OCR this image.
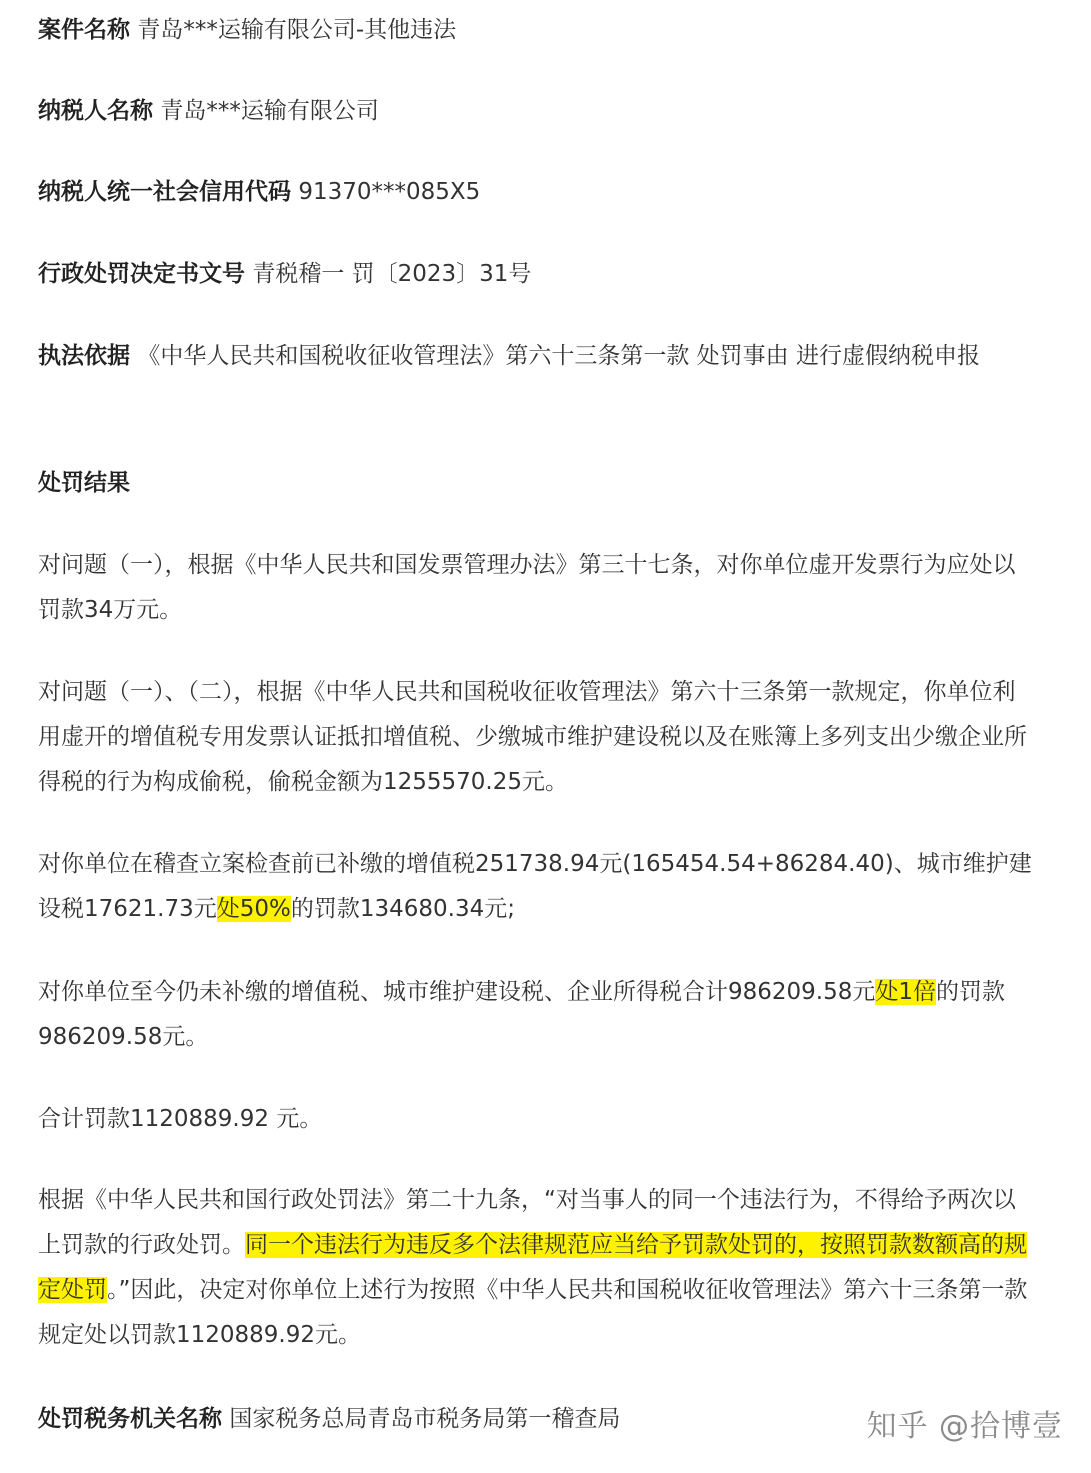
案件名称 青岛***运输有限公司-其他违法

纳税人名称 青岛***运输有限公司

纳税人统一社会信用代码 91370***085X5

行政处罚决定书文号 青税稽一 罚〔2023〕31号

执法依据 《中华人民共和国税收征收管理法》第六十三条第一款 处罚事由 进行虚假纳税申报

处罚结果

对问题（一），根据《中华人民共和国发票管理办法》第三十七条，对你单位虚开发票行为应处以罚款34万元。

对问题（一）、（二），根据《中华人民共和国税收征收管理法》第六十三条第一款规定，你单位利用虚开的增值税专用发票认证抵扣增值税、少缴城市维护建设税以及在账簿上多列支出少缴企业所得税的行为构成偷税，偷税金额为1255570.25元。

对你单位在稽查立案检查前已补缴的增值税251738.94元(165454.54+86284.40)、城市维护建设税17621.73元处50%的罚款134680.34元;

对你单位至今仍未补缴的增值税、城市维护建设税、企业所得税合计986209.58元处1倍的罚款986209.58元。

合计罚款1120889.92 元。

根据《中华人民共和国行政处罚法》第二十九条，“对当事人的同一个违法行为，不得给予两次以上罚款的行政处罚。同一个违法行为违反多个法律规范应当给予罚款处罚的，按照罚款数额高的规定处罚。”因此，决定对你单位上述行为按照《中华人民共和国税收征收管理法》第六十三条第一款规定处以罚款1120889.92元。

处罚税务机关名称 国家税务总局青岛市税务局第一稽查局	知乎 @拾博壹
